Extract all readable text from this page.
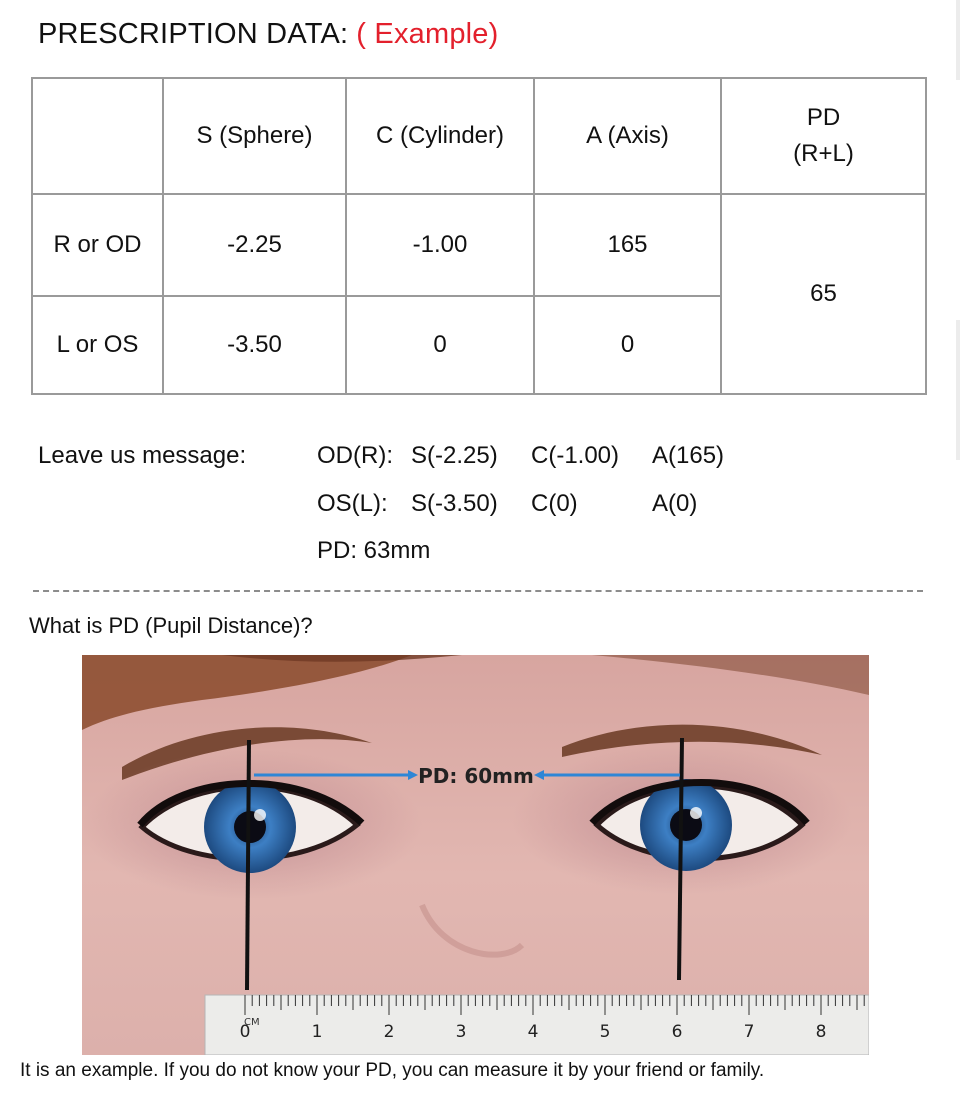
PRESCRIPTION DATA: ( Example)
	S (Sphere)	C (Cylinder)	A (Axis)	PD
(R+L)

R or OD	-2.25	-1.00	165	65
L or OS	-3.50	0	0	
Leave us message:	OD(R): S(-2.25) C(-1.00) A(165)
OS(L): S(-3.50) C(0)	A(0)
PD: 63mm
What is PD (Pupil Distance)?
PD: 60mm
CM
0	1	2	3	4	5	6	7	8
It is an example. If you do not know your PD, you can measure it by your friend or family.
